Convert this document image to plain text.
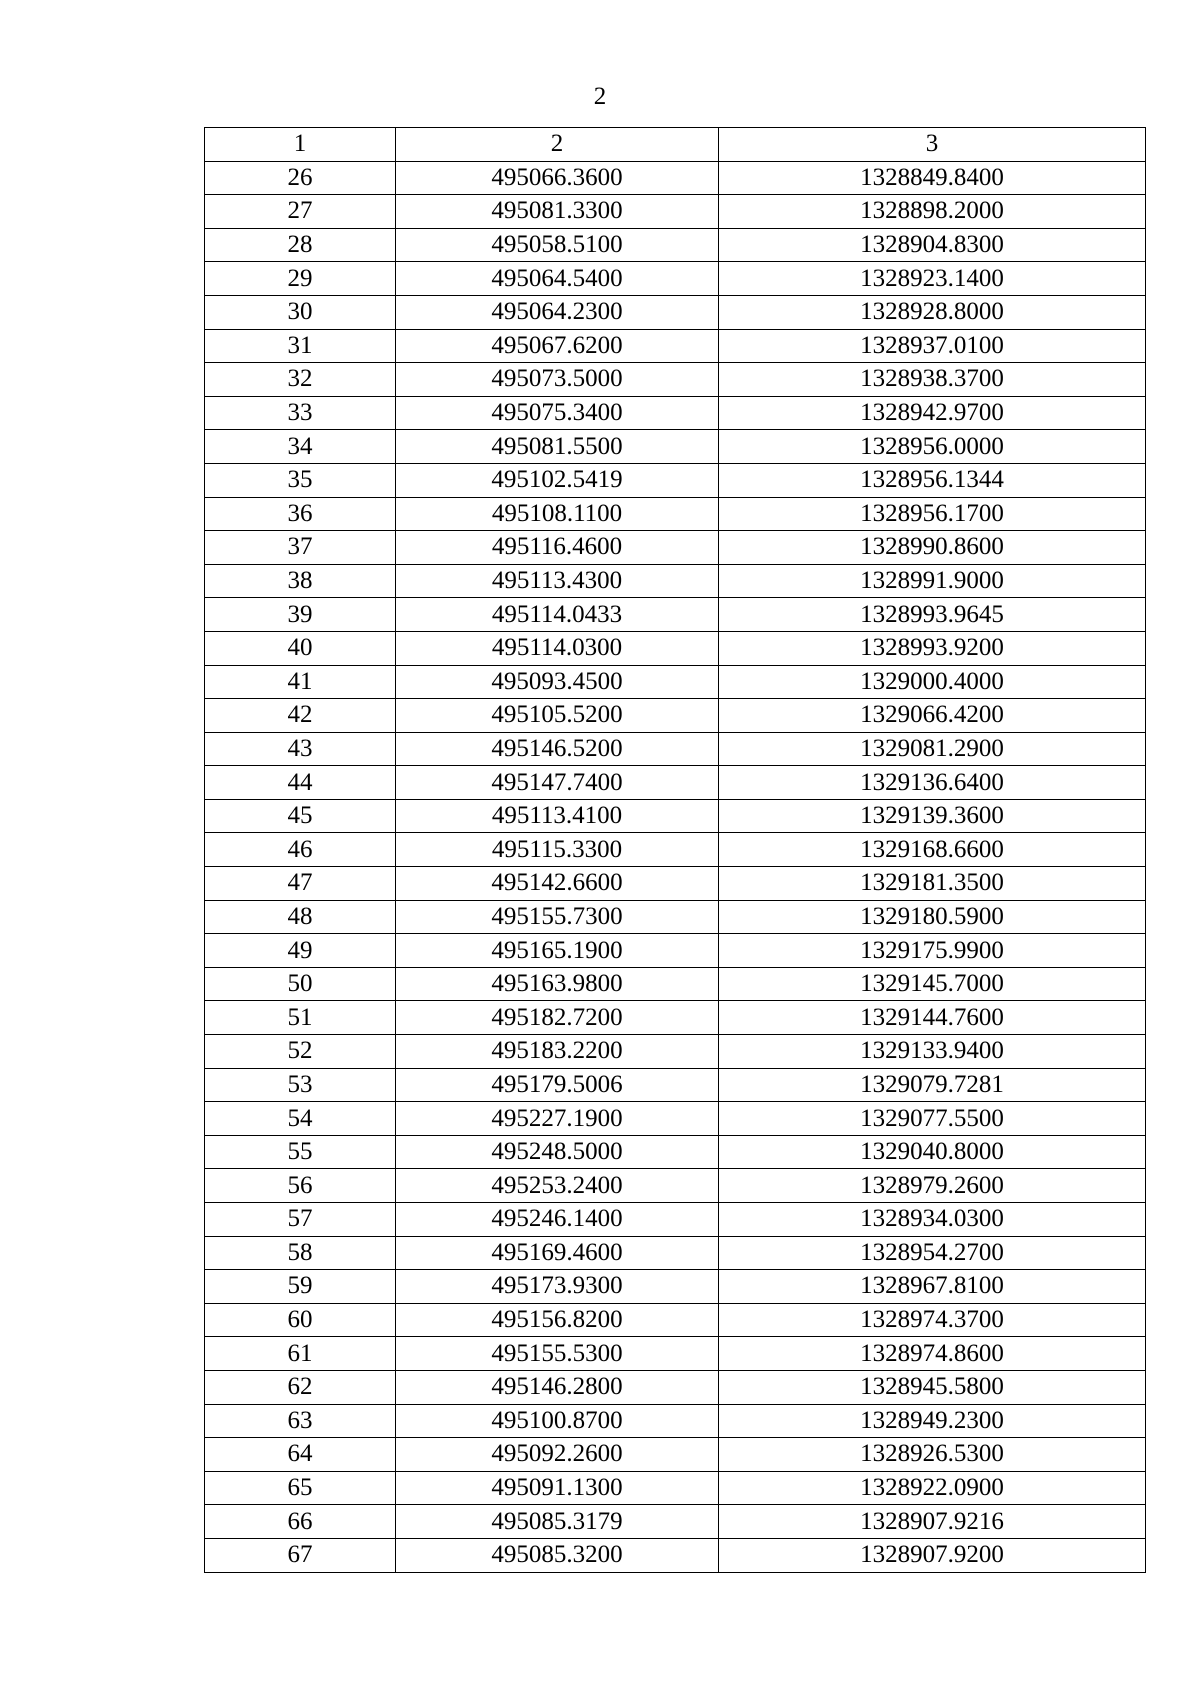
2
1	2	3
26	495066.3600	1328849.8400
27	495081.3300	1328898.2000
28	495058.5100	1328904.8300
29	495064.5400	1328923.1400
30	495064.2300	1328928.8000
31	495067.6200	1328937.0100
32	495073.5000	1328938.3700
33	495075.3400	1328942.9700
34	495081.5500	1328956.0000
35	495102.5419	1328956.1344
36	495108.1100	1328956.1700
37	495116.4600	1328990.8600
38	495113.4300	1328991.9000
39	495114.0433	1328993.9645
40	495114.0300	1328993.9200
41	495093.4500	1329000.4000
42	495105.5200	1329066.4200
43	495146.5200	1329081.2900
44	495147.7400	1329136.6400
45	495113.4100	1329139.3600
46	495115.3300	1329168.6600
47	495142.6600	1329181.3500
48	495155.7300	1329180.5900
49	495165.1900	1329175.9900
50	495163.9800	1329145.7000
51	495182.7200	1329144.7600
52	495183.2200	1329133.9400
53	495179.5006	1329079.7281
54	495227.1900	1329077.5500
55	495248.5000	1329040.8000
56	495253.2400	1328979.2600
57	495246.1400	1328934.0300
58	495169.4600	1328954.2700
59	495173.9300	1328967.8100
60	495156.8200	1328974.3700
61	495155.5300	1328974.8600
62	495146.2800	1328945.5800
63	495100.8700	1328949.2300
64	495092.2600	1328926.5300
65	495091.1300	1328922.0900
66	495085.3179	1328907.9216
67	495085.3200	1328907.9200
